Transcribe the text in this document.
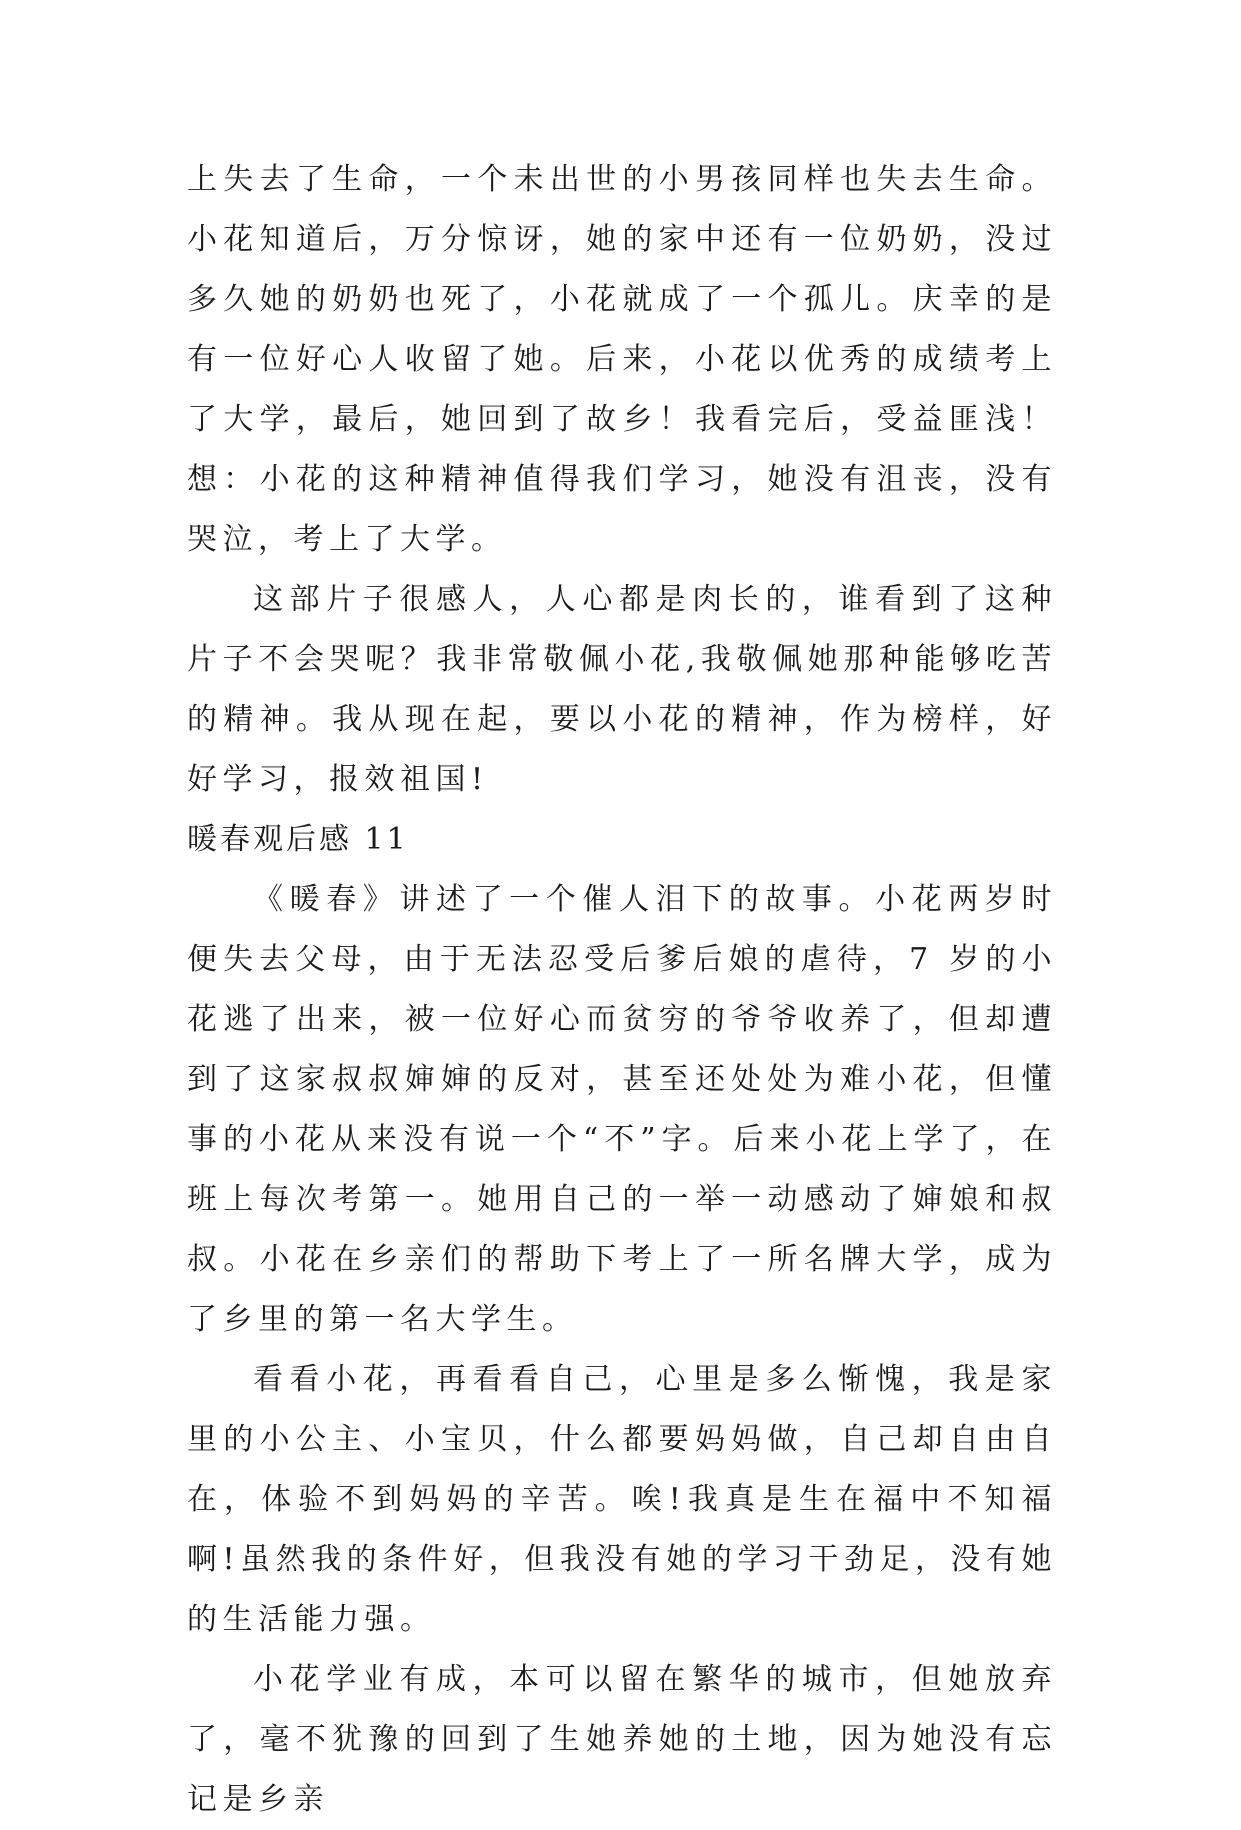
上失去了生命，一个未出世的小男孩同样也失去生命。小花知道后，万分惊讶，她的家中还有一位奶奶，没过多久她的奶奶也死了，小花就成了一个孤儿。庆幸的是有一位好心人收留了她。后来，小花以优秀的成绩考上了大学，最后，她回到了故乡！我看完后，受益匪浅！想：小花的这种精神值得我们学习，她没有沮丧，没有哭泣，考上了大学。

这部片子很感人，人心都是肉长的，谁看到了这种片子不会哭呢？我非常敬佩小花,我敬佩她那种能够吃苦的精神。我从现在起，要以小花的精神，作为榜样，好好学习，报效祖国!

暖春观后感 11

《暖春》讲述了一个催人泪下的故事。小花两岁时便失去父母，由于无法忍受后爹后娘的虐待，7 岁的小花逃了出来，被一位好心而贫穷的爷爷收养了，但却遭到了这家叔叔婶婶的反对，甚至还处处为难小花，但懂事的小花从来没有说一个“不”字。后来小花上学了，在班上每次考第一。她用自己的一举一动感动了婶娘和叔叔。小花在乡亲们的帮助下考上了一所名牌大学，成为了乡里的第一名大学生。

看看小花，再看看自己，心里是多么惭愧，我是家里的小公主、小宝贝，什么都要妈妈做，自己却自由自在，体验不到妈妈的辛苦。唉!我真是生在福中不知福啊!虽然我的条件好，但我没有她的学习干劲足，没有她的生活能力强。

小花学业有成，本可以留在繁华的城市，但她放弃了，毫不犹豫的回到了生她养她的土地，因为她没有忘记是乡亲
